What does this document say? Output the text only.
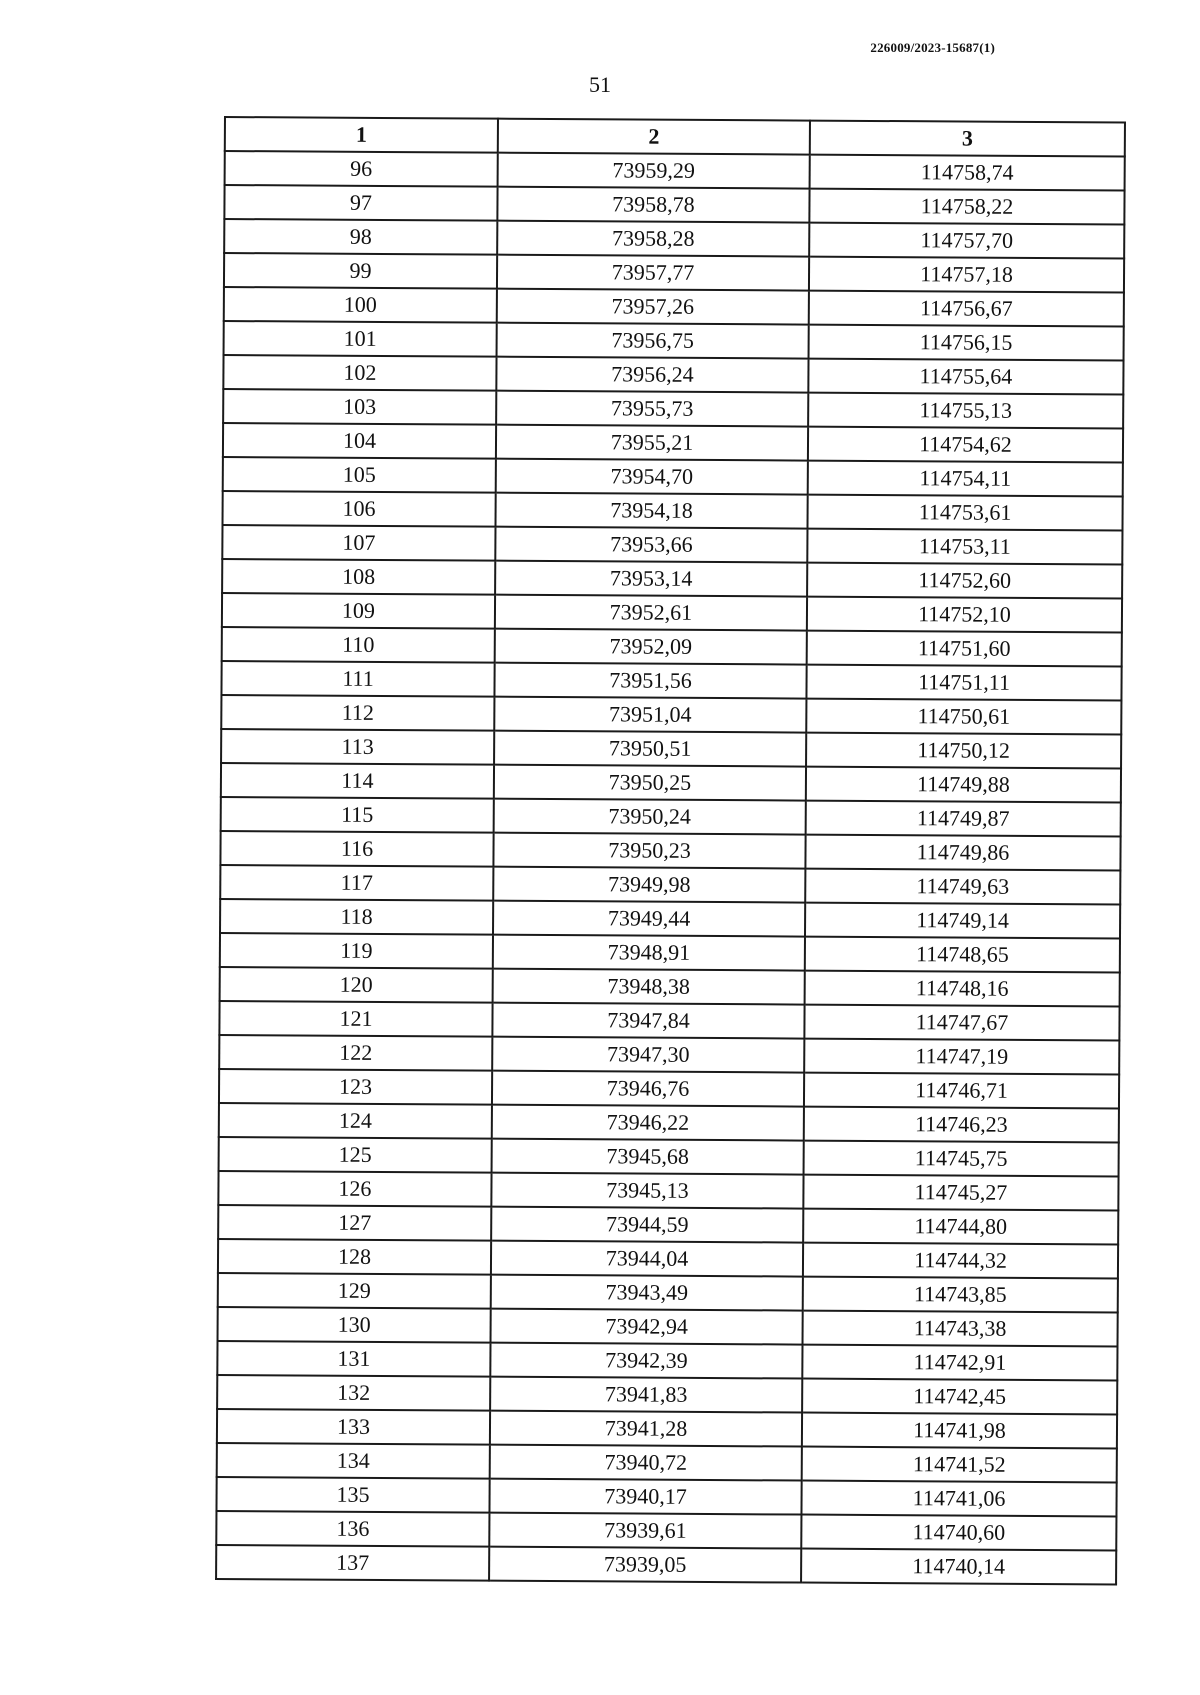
226009/2023-15687(1)
51
1	2	3
96	73959,29	114758,74
97	73958,78	114758,22
98	73958,28	114757,70
99	73957,77	114757,18
100	73957,26	114756,67
101	73956,75	114756,15
102	73956,24	114755,64
103	73955,73	114755,13
104	73955,21	114754,62
105	73954,70	114754,11
106	73954,18	114753,61
107	73953,66	114753,11
108	73953,14	114752,60
109	73952,61	114752,10
110	73952,09	114751,60
111	73951,56	114751,11
112	73951,04	114750,61
113	73950,51	114750,12
114	73950,25	114749,88
115	73950,24	114749,87
116	73950,23	114749,86
117	73949,98	114749,63
118	73949,44	114749,14
119	73948,91	114748,65
120	73948,38	114748,16
121	73947,84	114747,67
122	73947,30	114747,19
123	73946,76	114746,71
124	73946,22	114746,23
125	73945,68	114745,75
126	73945,13	114745,27
127	73944,59	114744,80
128	73944,04	114744,32
129	73943,49	114743,85
130	73942,94	114743,38
131	73942,39	114742,91
132	73941,83	114742,45
133	73941,28	114741,98
134	73940,72	114741,52
135	73940,17	114741,06
136	73939,61	114740,60
137	73939,05	114740,14
